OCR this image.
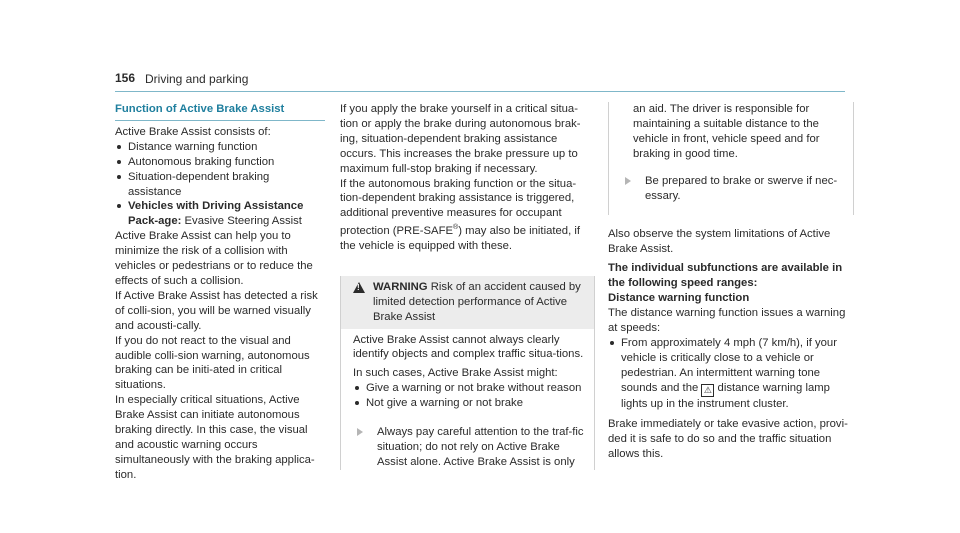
156 Driving and parking
Function of Active Brake Assist

Active Brake Assist consists of:

Distance warning function
Autonomous braking function
Situation-dependent braking assistance
Vehicles with Driving Assistance Pack-age: Evasive Steering Assist

Active Brake Assist can help you to minimize the risk of a collision with vehicles or pedestrians or to reduce the effects of such a collision.

If Active Brake Assist has detected a risk of colli-sion, you will be warned visually and acousti-cally.

If you do not react to the visual and audible colli-sion warning, autonomous braking can be initi-ated in critical situations.

In especially critical situations, Active Brake Assist can initiate autonomous braking directly. In this case, the visual and acoustic warning occurs simultaneously with the braking applica-tion.

If you apply the brake yourself in a critical situa-tion or apply the brake during autonomous brak-ing, situation-dependent braking assistance occurs. This increases the brake pressure up to maximum full-stop braking if necessary.

If the autonomous braking function or the situa-tion-dependent braking assistance is triggered, additional preventive measures for occupant protection (PRE-SAFE®) may also be initiated, if the vehicle is equipped with these.

!
WARNING Risk of an accident caused by limited detection performance of Active Brake Assist

Active Brake Assist cannot always clearly identify objects and complex traffic situa-tions.

In such cases, Active Brake Assist might:

Give a warning or not brake without reason
Not give a warning or not brake
Always pay careful attention to the traf-fic situation; do not rely on Active Brake Assist alone. Active Brake Assist is only
an aid. The driver is responsible for maintaining a suitable distance to the vehicle in front, vehicle speed and for braking in good time.
Be prepared to brake or swerve if nec-essary.

Also observe the system limitations of Active Brake Assist.

The individual subfunctions are available in the following speed ranges:

Distance warning function

The distance warning function issues a warning at speeds:

From approximately 4 mph (7 km/h), if your vehicle is critically close to a vehicle or pedestrian. An intermittent warning tone sounds and the ⚠ distance warning lamp lights up in the instrument cluster.

Brake immediately or take evasive action, provi-ded it is safe to do so and the traffic situation allows this.
